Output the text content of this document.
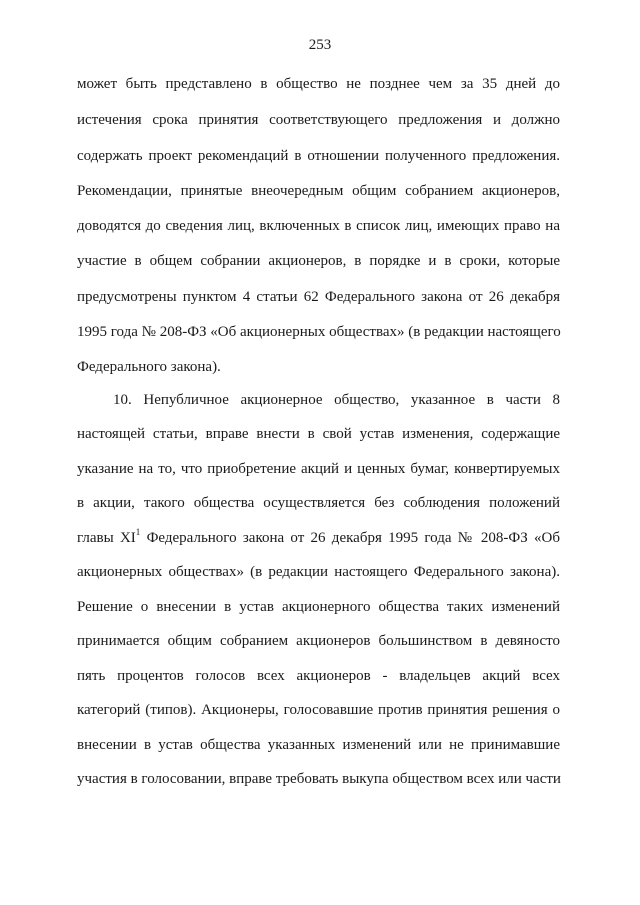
253
может быть представлено в общество не позднее чем за 35 дней до
истечения срока принятия соответствующего предложения и должно
содержать проект рекомендаций в отношении полученного предложения.
Рекомендации, принятые внеочередным общим собранием акционеров,
доводятся до сведения лиц, включенных в список лиц, имеющих право на
участие в общем собрании акционеров, в порядке и в сроки, которые
предусмотрены пунктом 4 статьи 62 Федерального закона от 26 декабря
1995 года № 208-ФЗ «Об акционерных обществах» (в редакции настоящего
Федерального закона).
10. Непубличное акционерное общество, указанное в части 8
настоящей статьи, вправе внести в свой устав изменения, содержащие
указание на то, что приобретение акций и ценных бумаг, конвертируемых
в акции, такого общества осуществляется без соблюдения положений
главы $XI^1$ Федерального закона от 26 декабря 1995 года № 208-ФЗ «Об
акционерных обществах» (в редакции настоящего Федерального закона).
Решение о внесении в устав акционерного общества таких изменений
принимается общим собранием акционеров большинством в девяносто
пять процентов голосов всех акционеров - владельцев акций всех
категорий (типов). Акционеры, голосовавшие против принятия решения о
внесении в устав общества указанных изменений или не принимавшие
участия в голосовании, вправе требовать выкупа обществом всех или части
